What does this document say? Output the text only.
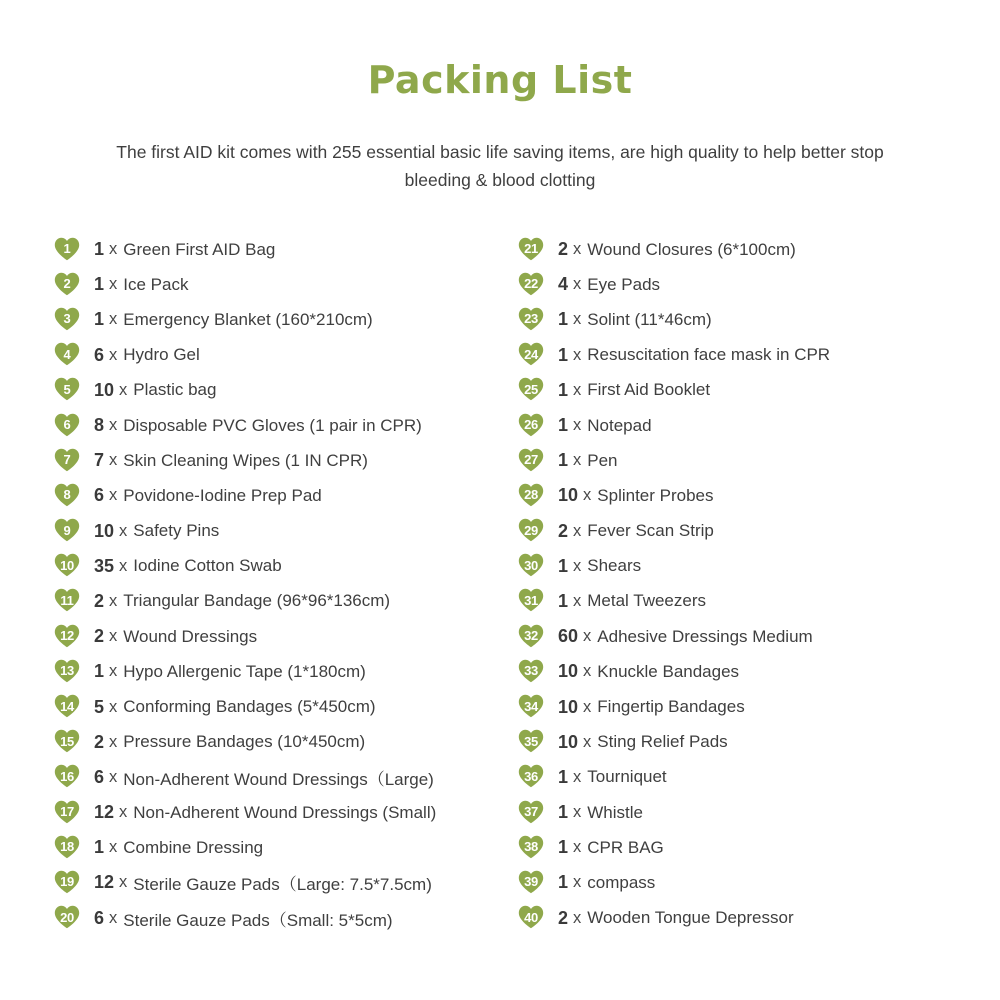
Packing List

The first AID kit comes with 255 essential basic life saving items, are high quality to help better stop bleeding & blood clotting

1	1 x Green First AID Bag
2	1 x Ice Pack
3	1 x Emergency Blanket (160*210cm)
4	6 x Hydro Gel
5	10 x Plastic bag
6	8 x Disposable PVC Gloves (1 pair in CPR)
7	7 x Skin Cleaning Wipes (1 IN CPR)
8	6 x Povidone-Iodine Prep Pad
9	10 x Safety Pins
10	35 x Iodine Cotton Swab
11	2 x Triangular Bandage (96*96*136cm)
12	2 x Wound Dressings
13	1 x Hypo Allergenic Tape (1*180cm)
14	5 x Conforming Bandages (5*450cm)
15	2 x Pressure Bandages (10*450cm)
16	6 x Non-Adherent Wound Dressings（Large)
17	12 x Non-Adherent Wound Dressings (Small)
18	1 x Combine Dressing
19	12 x Sterile Gauze Pads（Large: 7.5*7.5cm)
20	6 x Sterile Gauze Pads（Small: 5*5cm)
21	2 x Wound Closures (6*100cm)
22	4 x Eye Pads
23	1 x Solint (11*46cm)
24	1 x Resuscitation face mask in CPR
25	1 x First Aid Booklet
26	1 x Notepad
27	1 x Pen
28	10 x Splinter Probes
29	2 x Fever Scan Strip
30	1 x Shears
31	1 x Metal Tweezers
32	60 x Adhesive Dressings Medium
33	10 x Knuckle Bandages
34	10 x Fingertip Bandages
35	10 x Sting Relief Pads
36	1 x Tourniquet
37	1 x Whistle
38	1 x CPR BAG
39	1 x compass
40	2 x Wooden Tongue Depressor
